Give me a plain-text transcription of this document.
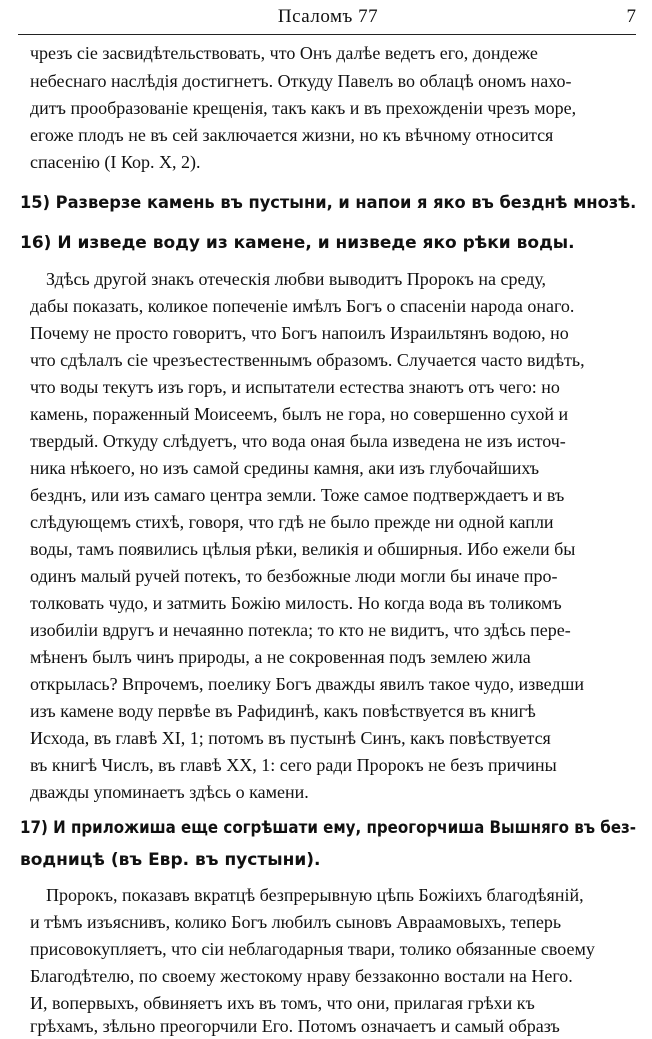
Псаломъ 77	7
чрезъ сіе засвидѣтельствовать, что Онъ далѣе ведетъ его, дондеже
небеснаго наслѣдія достигнетъ. Откуду Павелъ во облацѣ ономъ нахо-
дитъ прообразованіе крещенія, такъ какъ и въ прехожденіи чрезъ море,
егоже плодъ не въ сей заключается жизни, но къ вѣчному относится
спасенію (I Кор. X, 2).
15) Разверзе камень въ пустыни, и напои я яко въ безднѣ мнозѣ.
16) И изведе воду из камене, и низведе яко рѣки воды.
Здѣсь другой знакъ отеческія любви выводитъ Пророкъ на среду,
дабы показать, коликое попеченіе имѣлъ Богъ о спасеніи народа онаго.
Почему не просто говоритъ, что Богъ напоилъ Израильтянъ водою, но
что сдѣлалъ сіе чрезъестественнымъ образомъ. Случается часто видѣть,
что воды текутъ изъ горъ, и испытатели естества знаютъ отъ чего: но
камень, пораженный Моисеемъ, былъ не гора, но совершенно сухой и
твердый. Откуду слѣдуетъ, что вода оная была изведена не изъ источ-
ника нѣкоего, но изъ самой средины камня, аки изъ глубочайшихъ
безднъ, или изъ самаго центра земли. Тоже самое подтверждаетъ и въ
слѣдующемъ стихѣ, говоря, что гдѣ не было прежде ни одной капли
воды, тамъ появились цѣлыя рѣки, великія и обширныя. Ибо ежели бы
одинъ малый ручей потекъ, то безбожные люди могли бы иначе про-
толковать чудо, и затмить Божію милость. Но когда вода въ толикомъ
изобиліи вдругъ и нечаянно потекла; то кто не видитъ, что здѣсь пере-
мѣненъ былъ чинъ природы, а не сокровенная подъ землею жила
открылась? Впрочемъ, поелику Богъ дважды явилъ такое чудо, изведши
изъ камене воду первѣе въ Рафидинѣ, какъ повѣствуется въ книгѣ
Исхода, въ главѣ XI, 1; потомъ въ пустынѣ Синъ, какъ повѣствуется
въ книгѣ Числъ, въ главѣ XX, 1: сего ради Пророкъ не безъ причины
дважды упоминаетъ здѣсь о камени.
17) И приложиша еще согрѣшати ему, преогорчиша Вышняго въ без-
водницѣ (въ Евр. въ пустыни).
Пророкъ, показавъ вкратцѣ безпрерывную цѣпь Божіихъ благодѣяній,
и тѣмъ изъяснивъ, колико Богъ любилъ сыновъ Авраамовыхъ, теперь
присовокупляетъ, что сіи неблагодарныя твари, толико обязанные своему
Благодѣтелю, по своему жестокому нраву беззаконно востали на Него.
И, вопервыхъ, обвиняетъ ихъ въ томъ, что они, прилагая грѣхи къ
грѣхамъ, зѣльно преогорчили Его. Потомъ означаетъ и самый образъ
